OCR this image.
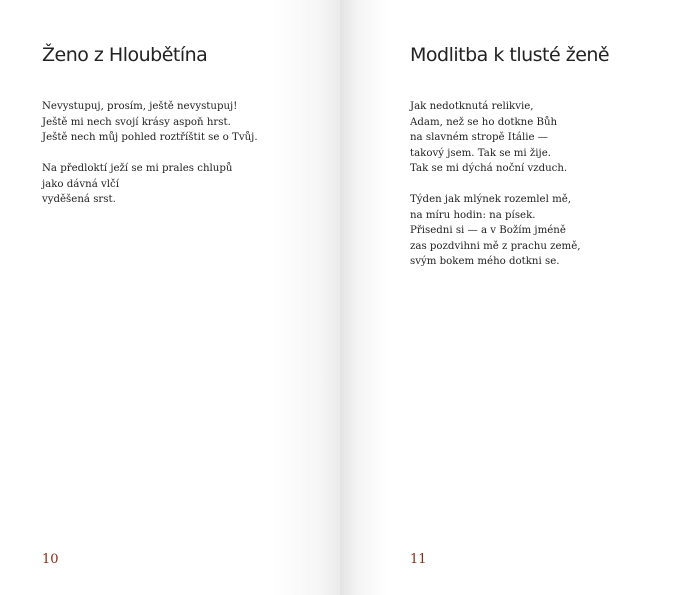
Ženo z Hloubětína
Nevystupuj, prosím, ještě nevystupuj!
Ještě mi nech svojí krásy aspoň hrst.
Ještě nech můj pohled roztříštit se o Tvůj.
Na předloktí ježí se mi prales chlupů
jako dávná vlčí
vyděšená srst.
10
Modlitba k tlusté ženě
Jak nedotknutá relikvie,
Adam, než se ho dotkne Bůh
na slavném stropě Itálie —
takový jsem. Tak se mi žije.
Tak se mi dýchá noční vzduch.
Týden jak mlýnek rozemlel mě,
na míru hodin: na písek.
Přisedni si — a v Božím jméně
zas pozdvihni mě z prachu země,
svým bokem mého dotkni se.
11
